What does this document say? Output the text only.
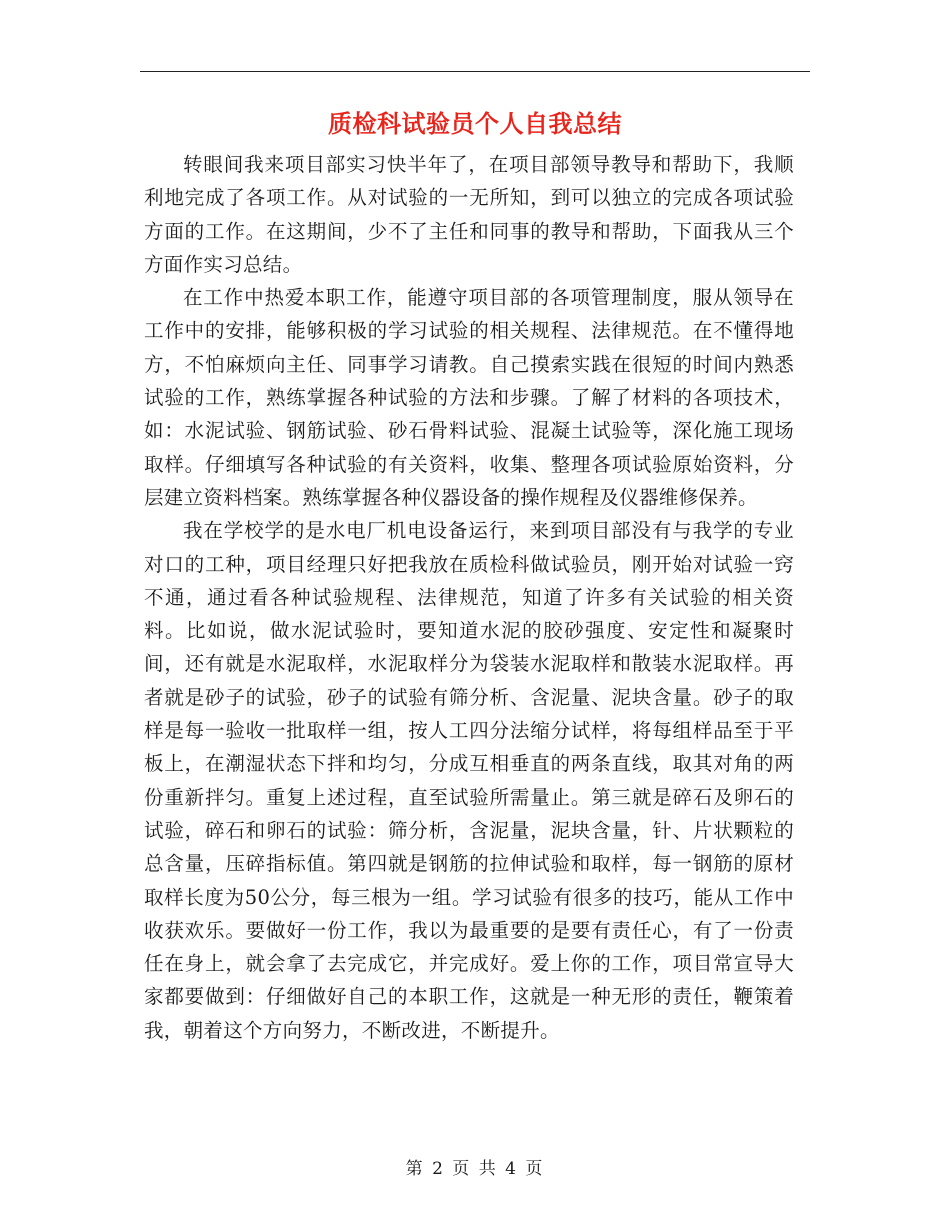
质检科试验员个人自我总结

转眼间我来项目部实习快半年了，在项目部领导教导和帮助下，我顺利地完成了各项工作。从对试验的一无所知，到可以独立的完成各项试验方面的工作。在这期间，少不了主任和同事的教导和帮助，下面我从三个方面作实习总结。

在工作中热爱本职工作，能遵守项目部的各项管理制度，服从领导在工作中的安排，能够积极的学习试验的相关规程、法律规范。在不懂得地方，不怕麻烦向主任、同事学习请教。自己摸索实践在很短的时间内熟悉试验的工作，熟练掌握各种试验的方法和步骤。了解了材料的各项技术，如：水泥试验、钢筋试验、砂石骨料试验、混凝土试验等，深化施工现场取样。仔细填写各种试验的有关资料，收集、整理各项试验原始资料，分层建立资料档案。熟练掌握各种仪器设备的操作规程及仪器维修保养。

我在学校学的是水电厂机电设备运行，来到项目部没有与我学的专业对口的工种，项目经理只好把我放在质检科做试验员，刚开始对试验一窍不通，通过看各种试验规程、法律规范，知道了许多有关试验的相关资料。比如说，做水泥试验时，要知道水泥的胶砂强度、安定性和凝聚时间，还有就是水泥取样，水泥取样分为袋装水泥取样和散装水泥取样。再者就是砂子的试验，砂子的试验有筛分析、含泥量、泥块含量。砂子的取样是每一验收一批取样一组，按人工四分法缩分试样，将每组样品至于平板上，在潮湿状态下拌和均匀，分成互相垂直的两条直线，取其对角的两份重新拌匀。重复上述过程，直至试验所需量止。第三就是碎石及卵石的试验，碎石和卵石的试验：筛分析，含泥量，泥块含量，针、片状颗粒的总含量，压碎指标值。第四就是钢筋的拉伸试验和取样，每一钢筋的原材取样长度为50公分，每三根为一组。学习试验有很多的技巧，能从工作中收获欢乐。要做好一份工作，我以为最重要的是要有责任心，有了一份责任在身上，就会拿了去完成它，并完成好。爱上你的工作，项目常宣导大家都要做到：仔细做好自己的本职工作，这就是一种无形的责任，鞭策着我，朝着这个方向努力，不断改进，不断提升。

第 2 页 共 4 页
